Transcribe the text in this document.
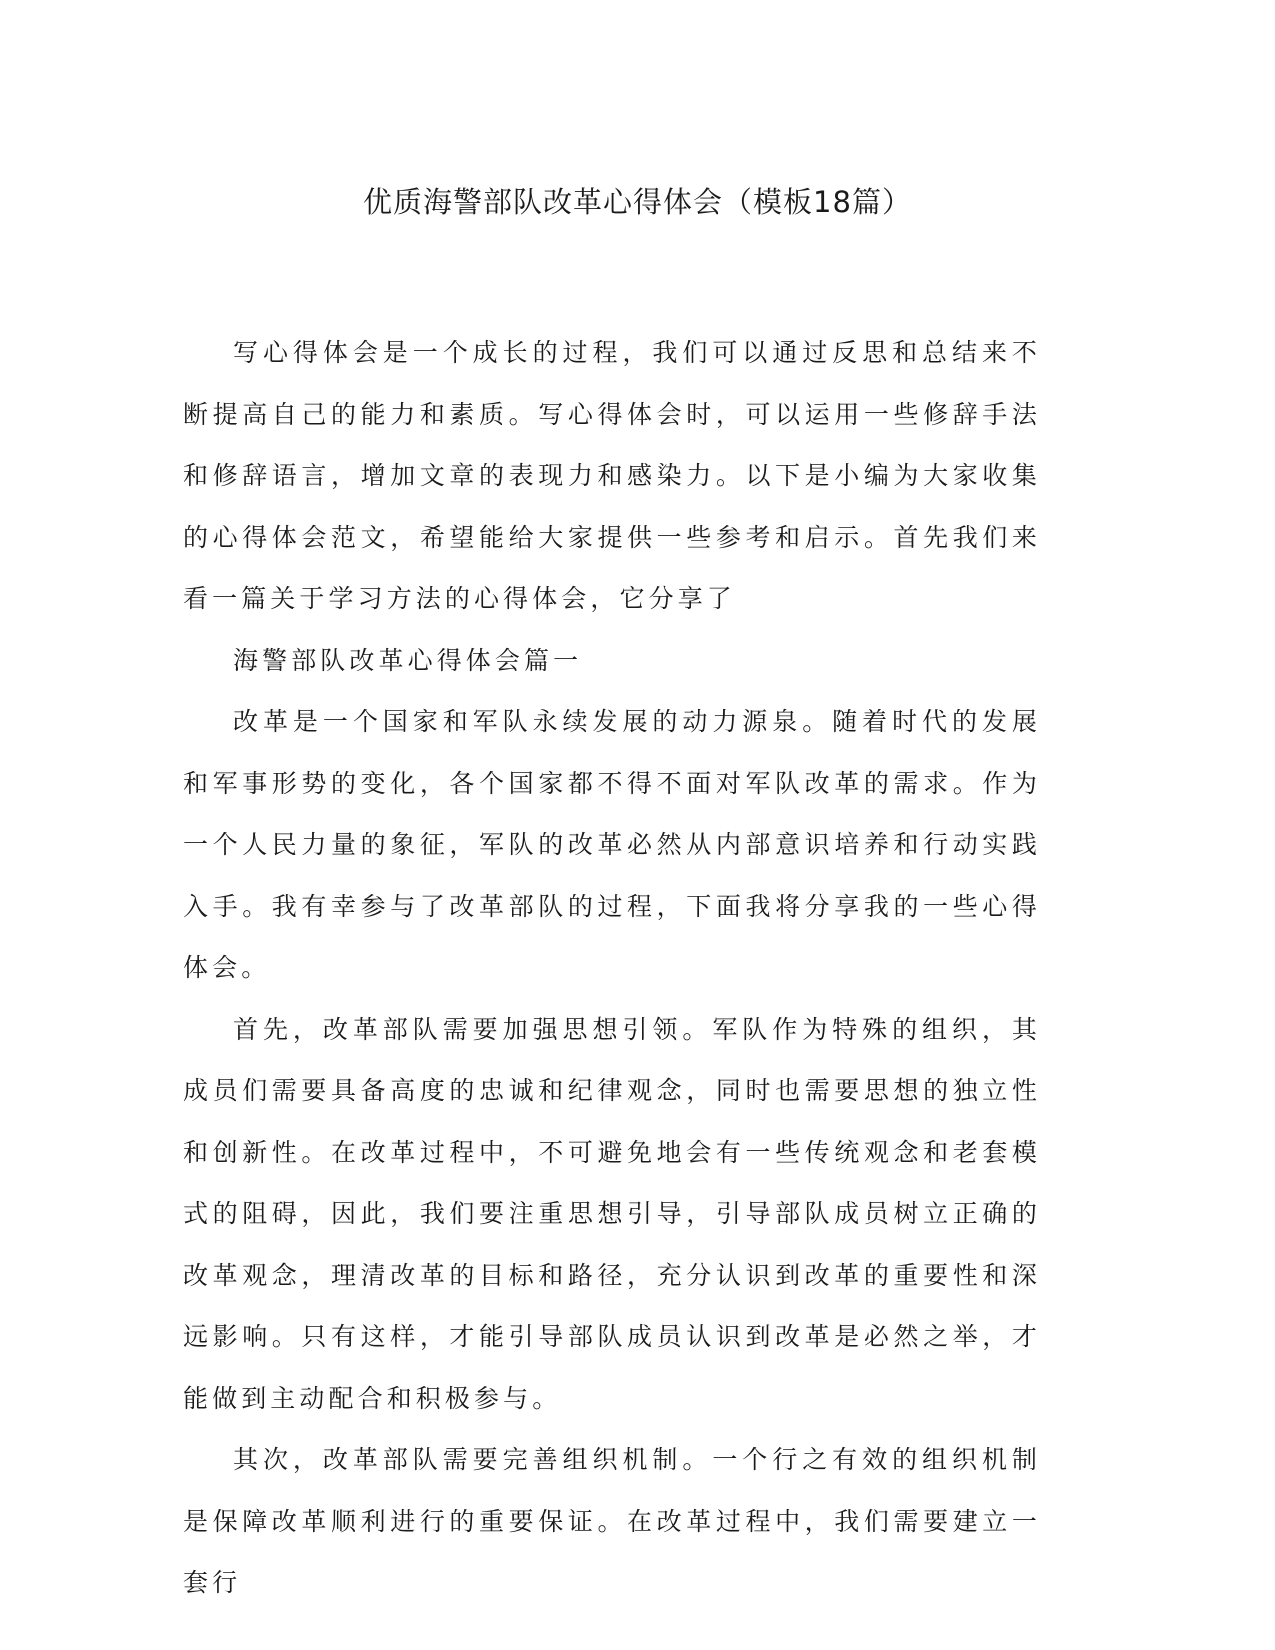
优质海警部队改革心得体会（模板18篇）

写心得体会是一个成长的过程，我们可以通过反思和总结来不断提高自己的能力和素质。写心得体会时，可以运用一些修辞手法和修辞语言，增加文章的表现力和感染力。以下是小编为大家收集的心得体会范文，希望能给大家提供一些参考和启示。首先我们来看一篇关于学习方法的心得体会，它分享了

海警部队改革心得体会篇一

改革是一个国家和军队永续发展的动力源泉。随着时代的发展和军事形势的变化，各个国家都不得不面对军队改革的需求。作为一个人民力量的象征，军队的改革必然从内部意识培养和行动实践入手。我有幸参与了改革部队的过程，下面我将分享我的一些心得体会。

首先，改革部队需要加强思想引领。军队作为特殊的组织，其成员们需要具备高度的忠诚和纪律观念，同时也需要思想的独立性和创新性。在改革过程中，不可避免地会有一些传统观念和老套模式的阻碍，因此，我们要注重思想引导，引导部队成员树立正确的改革观念，理清改革的目标和路径，充分认识到改革的重要性和深远影响。只有这样，才能引导部队成员认识到改革是必然之举，才能做到主动配合和积极参与。

其次，改革部队需要完善组织机制。一个行之有效的组织机制是保障改革顺利进行的重要保证。在改革过程中，我们需要建立一套行
